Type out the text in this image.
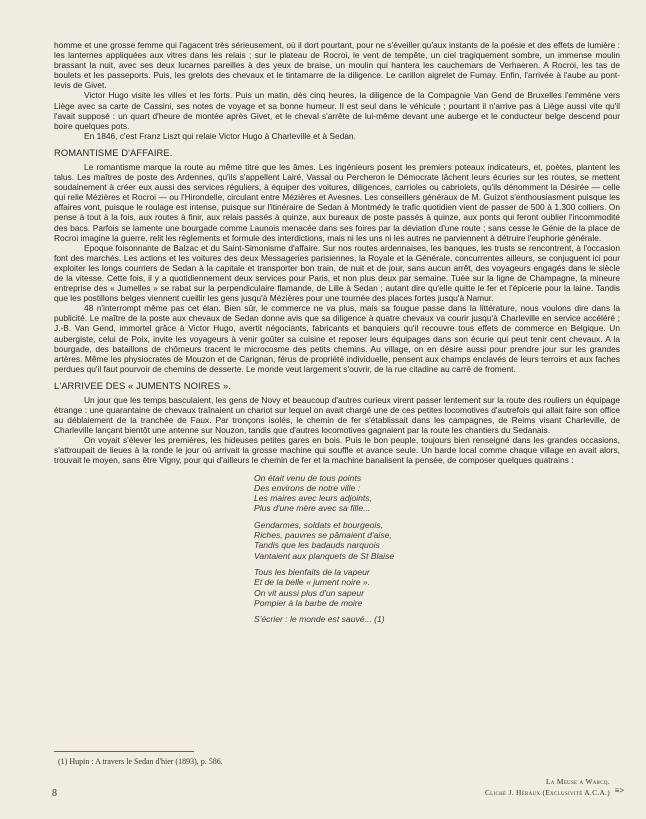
homme et une grosse femme qui l'agacent très sérieusement, où il dort pourtant, pour ne s'éveiller qu'aux instants de la poésie et des effets de lumière : les lanternes appliquées aux vitres dans les relais ; sur le plateau de Rocroi, le vent de tempête, un ciel tragiquement sombre, un immense moulin brassant la nuit, avec ses deux lucarnes pareilles à des yeux de braise, un moulin qui hantera les cauchemars de Verhaeren. A Rocroi, les tas de boulets et les passeports. Puis, les grelots des chevaux et le tintamarre de la diligence. Le carillon aigrelet de Fumay. Enfin, l'arrivée à l'aube au pont-levis de Givet.

Victor Hugo visite les villes et les forts. Puis un matin, dès cinq heures, la diligence de la Compagnie Van Gend de Bruxelles l'emmène vers Liège avec sa carte de Cassini, ses notes de voyage et sa bonne humeur. Il est seul dans le véhicule ; pourtant il n'arrive pas à Liège aussi vite qu'il l'avait supposé : un quart d'heure de montée après Givet, et le cheval s'arrête de lui-même devant une auberge et le conducteur belge descend pour boire quelques pots.

En 1846, c'est Franz Liszt qui relaie Victor Hugo à Charleville et à Sedan.

ROMANTISME D'AFFAIRE.

Le romantisme marque la route au même titre que les âmes. Les ingénieurs posent les premiers poteaux indicateurs, et, poètes, plantent les talus. Les maîtres de poste des Ardennes, qu'ils s'appellent Lairé, Vassal ou Percheron le Démocrate lâchent leurs écuries sur les routes, se mettent soudainement à créer eux aussi des services réguliers, à équiper des voitures, diligences, carrioles ou cabriolets, qu'ils dénomment la Désirée — celle qui relie Mézières et Rocroi — ou l'Hirondelle, circulant entre Mézières et Avesnes. Les conseillers généraux de M. Guizot s'enthousiasment puisque les affaires vont, puisque le roulage est intense, puisque sur l'itinéraire de Sedan à Montmédy le trafic quotidien vient de passer de 500 à 1.300 colliers. On pense à tout à la fois, aux routes à finir, aux relais passés à quinze, aux bureaux de poste passés à quinze, aux ponts qui feront oublier l'incommodité des bacs. Parfois se lamente une bourgade comme Launois menacée dans ses foires par la déviation d'une route ; sans cesse le Génie de la place de Rocroi imagine la guerre, relit les règlements et formule des interdictions, mais ni les uns ni les autres ne parviennent à détruire l'euphorie générale.

Epoque foisonnante de Balzac et du Saint-Simonisme d'affaire. Sur nos routes ardennaises, les banques, les trusts se rencontrent, à l'occasion font des marchés. Les actions et les voitures des deux Messageries parisiennes, la Royale et la Générale, concurrentes ailleurs, se conjuguent ici pour exploiter les longs courriers de Sedan à la capitale et transporter bon train, de nuit et de jour, sans aucun arrêt, des voyageurs engagés dans le siècle de la vitesse. Cette fois, il y a quotidiennement deux services pour Paris, et non plus deux par semaine. Tuée sur la ligne de Champagne, la mineure entreprise des « Jumelles » se rabat sur la perpendiculaire flamande, de Lille à Sedan ; autant dire qu'elle quitte le fer et l'épicerie pour la laine. Tandis que les postillons belges viennent cueillir les gens jusqu'à Mézières pour une tournée des places fortes jusqu'à Namur.

48 n'interrompt même pas cet élan. Bien sûr, le commerce ne va plus, mais sa fougue passe dans la littérature, nous voulons dire dans la publicité. Le maître de la poste aux chevaux de Sedan donne avis que sa diligence à quatre chevaux va courir jusqu'à Charleville en service accéléré ; J.-B. Van Gend, immortel grâce à Victor Hugo, avertit négociants, fabricants et banquiers qu'il recouvre tous effets de commerce en Belgique. Un aubergiste, celui de Poix, invite les voyageurs à venir goûter sa cuisine et reposer leurs équipages dans son écurie qui peut tenir cent chevaux. A la bourgade, des bataillons de chômeurs tracent le microcosme des petits chemins. Au village, on en désire aussi pour prendre jour sur les grandes artères. Même les physiocrates de Mouzon et de Carignan, férus de propriété individuelle, pensent aux champs enclavés de leurs terroirs et aux faches perdues qu'il faut pourvoir de chemins de desserte. Le monde veut largement s'ouvrir, de la rue citadine au carré de froment.

L'ARRIVEE DES « JUMENTS NOIRES ».

Un jour que les temps basculaient, les gens de Novy et beaucoup d'autres curieux virent passer lentement sur la route des rouliers un équipage étrange : une quarantaine de chevaux traînaient un chariot sur lequel on avait chargé une de ces petites locomotives d'autrefois qui allait faire son office au déblaiement de la tranchée de Faux. Par tronçons isolés, le chemin de fer s'établissait dans les campagnes, de Reims visant Charleville, de Charleville lançant bientôt une antenne sur Nouzon, tandis que d'autres locomotives gagnaient par la route les chantiers du Sedanais.

On voyait s'élever les premières, les hideuses petites gares en bois. Puis le bon peuple, toujours bien renseigné dans les grandes occasions, s'attroupait de lieues à la ronde le jour où arrivait la grosse machine qui souffle et avance seule. Un barde local comme chaque village en avait alors, trouvait le moyen, sans être Vigny, pour qui d'ailleurs le chemin de fer et la machine banalisent la pensée, de composer quelques quatrains :

On était venu de tous points
Des environs de notre ville :
Les maires avec leurs adjoints,
Plus d'une mère avec sa fille...
Gendarmes, soldats et bourgeois,
Riches, pauvres se pâmaient d'aise,
Tandis que les badauds narquois
Vantaient aux planquets de St Blaise
Tous les bienfaits de la vapeur
Et de la belle « jument noire ».
On vit aussi plus d'un sapeur
Pompier à la barbe de moire
S'écrier : le monde est sauvé... (1)
(1) Hupin : A travers le Sedan d'hier (1893), p. 586.
8
La Meuse a Warcq.
Cliché J. Héraux (Exclusivité A.C.A.) ≡>
